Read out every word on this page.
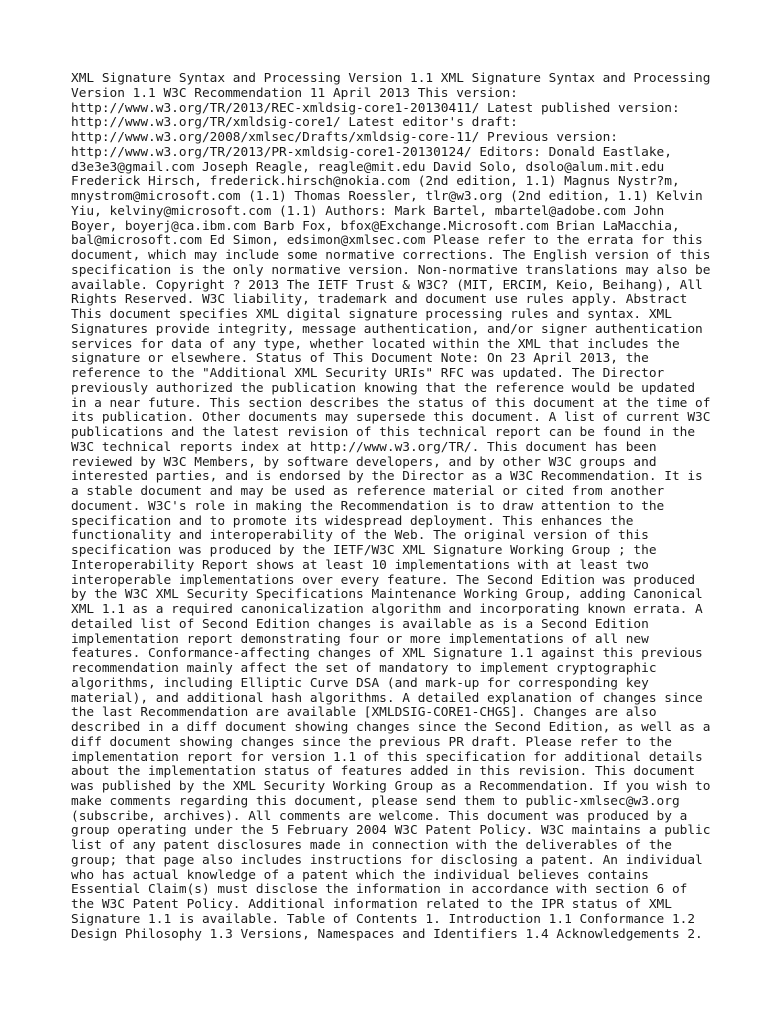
XML Signature Syntax and Processing Version 1.1 XML Signature Syntax and Processing
Version 1.1 W3C Recommendation 11 April 2013 This version:
http://www.w3.org/TR/2013/REC-xmldsig-core1-20130411/ Latest published version:
http://www.w3.org/TR/xmldsig-core1/ Latest editor's draft:
http://www.w3.org/2008/xmlsec/Drafts/xmldsig-core-11/ Previous version:
http://www.w3.org/TR/2013/PR-xmldsig-core1-20130124/ Editors: Donald Eastlake,
d3e3e3@gmail.com Joseph Reagle, reagle@mit.edu David Solo, dsolo@alum.mit.edu
Frederick Hirsch, frederick.hirsch@nokia.com (2nd edition, 1.1) Magnus Nystr?m,
mnystrom@microsoft.com (1.1) Thomas Roessler, tlr@w3.org (2nd edition, 1.1) Kelvin
Yiu, kelviny@microsoft.com (1.1) Authors: Mark Bartel, mbartel@adobe.com John
Boyer, boyerj@ca.ibm.com Barb Fox, bfox@Exchange.Microsoft.com Brian LaMacchia,
bal@microsoft.com Ed Simon, edsimon@xmlsec.com Please refer to the errata for this
document, which may include some normative corrections. The English version of this
specification is the only normative version. Non-normative translations may also be
available. Copyright ? 2013 The IETF Trust & W3C? (MIT, ERCIM, Keio, Beihang), All
Rights Reserved. W3C liability, trademark and document use rules apply. Abstract
This document specifies XML digital signature processing rules and syntax. XML
Signatures provide integrity, message authentication, and/or signer authentication
services for data of any type, whether located within the XML that includes the
signature or elsewhere. Status of This Document Note: On 23 April 2013, the
reference to the "Additional XML Security URIs" RFC was updated. The Director
previously authorized the publication knowing that the reference would be updated
in a near future. This section describes the status of this document at the time of
its publication. Other documents may supersede this document. A list of current W3C
publications and the latest revision of this technical report can be found in the
W3C technical reports index at http://www.w3.org/TR/. This document has been
reviewed by W3C Members, by software developers, and by other W3C groups and
interested parties, and is endorsed by the Director as a W3C Recommendation. It is
a stable document and may be used as reference material or cited from another
document. W3C's role in making the Recommendation is to draw attention to the
specification and to promote its widespread deployment. This enhances the
functionality and interoperability of the Web. The original version of this
specification was produced by the IETF/W3C XML Signature Working Group ; the
Interoperability Report shows at least 10 implementations with at least two
interoperable implementations over every feature. The Second Edition was produced
by the W3C XML Security Specifications Maintenance Working Group, adding Canonical
XML 1.1 as a required canonicalization algorithm and incorporating known errata. A
detailed list of Second Edition changes is available as is a Second Edition
implementation report demonstrating four or more implementations of all new
features. Conformance-affecting changes of XML Signature 1.1 against this previous
recommendation mainly affect the set of mandatory to implement cryptographic
algorithms, including Elliptic Curve DSA (and mark-up for corresponding key
material), and additional hash algorithms. A detailed explanation of changes since
the last Recommendation are available [XMLDSIG-CORE1-CHGS]. Changes are also
described in a diff document showing changes since the Second Edition, as well as a
diff document showing changes since the previous PR draft. Please refer to the
implementation report for version 1.1 of this specification for additional details
about the implementation status of features added in this revision. This document
was published by the XML Security Working Group as a Recommendation. If you wish to
make comments regarding this document, please send them to public-xmlsec@w3.org
(subscribe, archives). All comments are welcome. This document was produced by a
group operating under the 5 February 2004 W3C Patent Policy. W3C maintains a public
list of any patent disclosures made in connection with the deliverables of the
group; that page also includes instructions for disclosing a patent. An individual
who has actual knowledge of a patent which the individual believes contains
Essential Claim(s) must disclose the information in accordance with section 6 of
the W3C Patent Policy. Additional information related to the IPR status of XML
Signature 1.1 is available. Table of Contents 1. Introduction 1.1 Conformance 1.2
Design Philosophy 1.3 Versions, Namespaces and Identifiers 1.4 Acknowledgements 2.
